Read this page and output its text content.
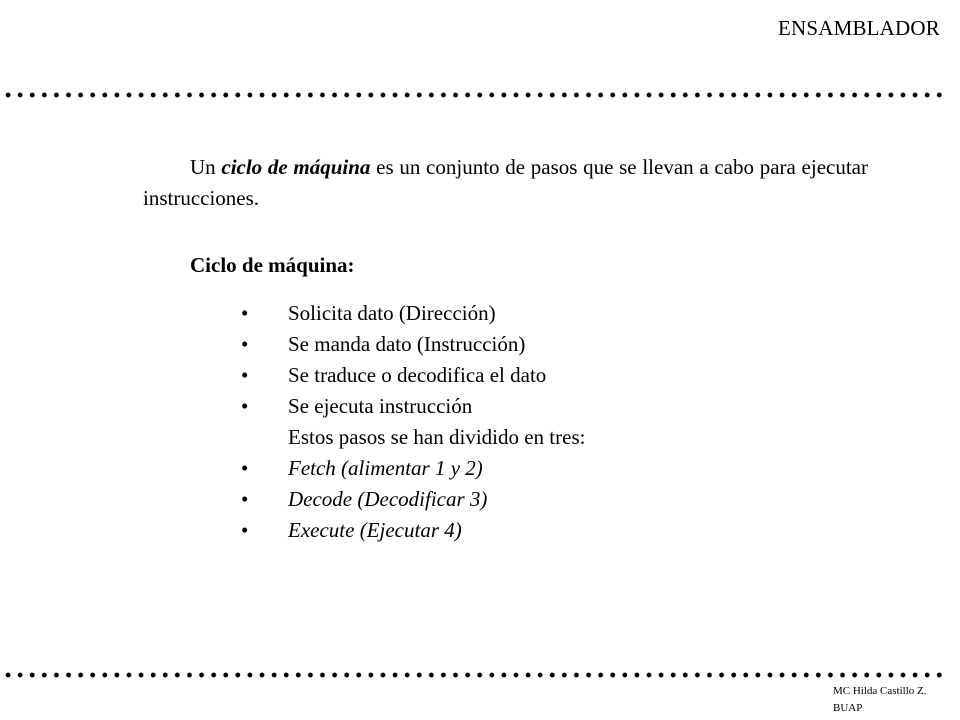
ENSAMBLADOR

Un ciclo de máquina es un conjunto de pasos que se llevan a cabo para ejecutar instrucciones.

Ciclo de máquina:
•	Solicita dato (Dirección)
•	Se manda dato (Instrucción)
•	Se traduce o decodifica el dato
•	Se ejecuta instrucción
Estos pasos se han dividido en tres:
•	Fetch (alimentar 1 y 2)
•	Decode (Decodificar 3)
•	Execute (Ejecutar 4)
MC Hilda Castillo Z.
BUAP
